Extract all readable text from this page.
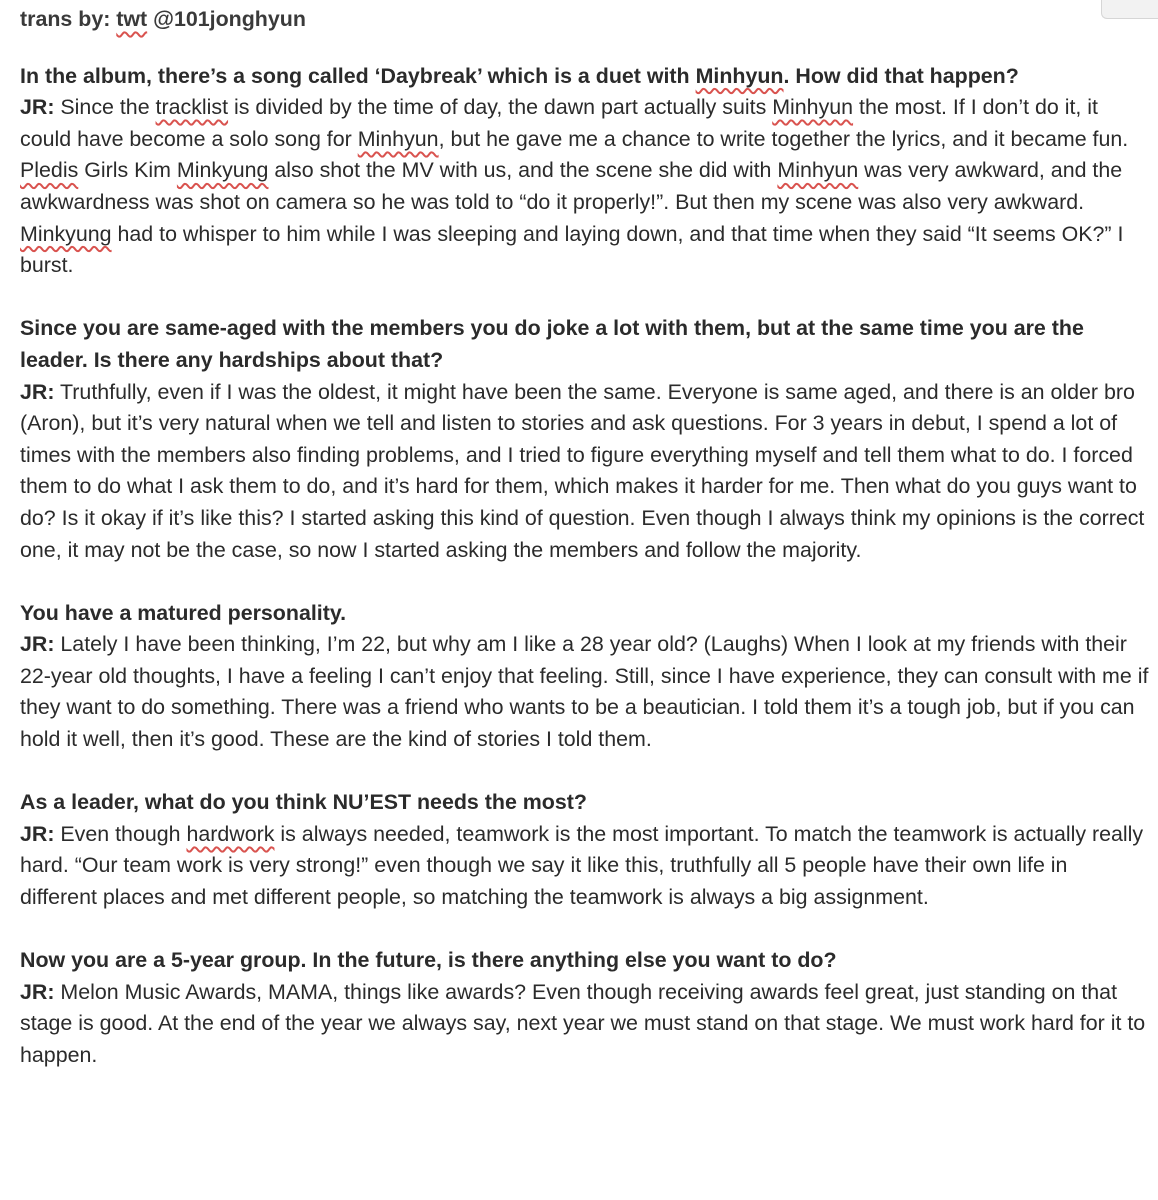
trans by: twt @101jonghyun
In the album, there’s a song called ‘Daybreak’ which is a duet with Minhyun. How did that happen?
JR: Since the tracklist is divided by the time of day, the dawn part actually suits Minhyun the most. If I don’t do it, it could have become a solo song for Minhyun, but he gave me a chance to write together the lyrics, and it became fun. Pledis Girls Kim Minkyung also shot the MV with us, and the scene she did with Minhyun was very awkward, and the awkwardness was shot on camera so he was told to “do it properly!”. But then my scene was also very awkward. Minkyung had to whisper to him while I was sleeping and laying down, and that time when they said “It seems OK?” I burst.
Since you are same-aged with the members you do joke a lot with them, but at the same time you are the leader. Is there any hardships about that?
JR: Truthfully, even if I was the oldest, it might have been the same. Everyone is same aged, and there is an older bro (Aron), but it’s very natural when we tell and listen to stories and ask questions. For 3 years in debut, I spend a lot of times with the members also finding problems, and I tried to figure everything myself and tell them what to do. I forced them to do what I ask them to do, and it’s hard for them, which makes it harder for me. Then what do you guys want to do? Is it okay if it’s like this? I started asking this kind of question. Even though I always think my opinions is the correct one, it may not be the case, so now I started asking the members and follow the majority.
You have a matured personality.
JR: Lately I have been thinking, I’m 22, but why am I like a 28 year old? (Laughs) When I look at my friends with their 22-year old thoughts, I have a feeling I can’t enjoy that feeling. Still, since I have experience, they can consult with me if they want to do something. There was a friend who wants to be a beautician. I told them it’s a tough job, but if you can hold it well, then it’s good. These are the kind of stories I told them.
As a leader, what do you think NU’EST needs the most?
JR: Even though hardwork is always needed, teamwork is the most important. To match the teamwork is actually really hard. “Our team work is very strong!” even though we say it like this, truthfully all 5 people have their own life in different places and met different people, so matching the teamwork is always a big assignment.
Now you are a 5-year group. In the future, is there anything else you want to do?
JR: Melon Music Awards, MAMA, things like awards? Even though receiving awards feel great, just standing on that stage is good. At the end of the year we always say, next year we must stand on that stage. We must work hard for it to happen.
